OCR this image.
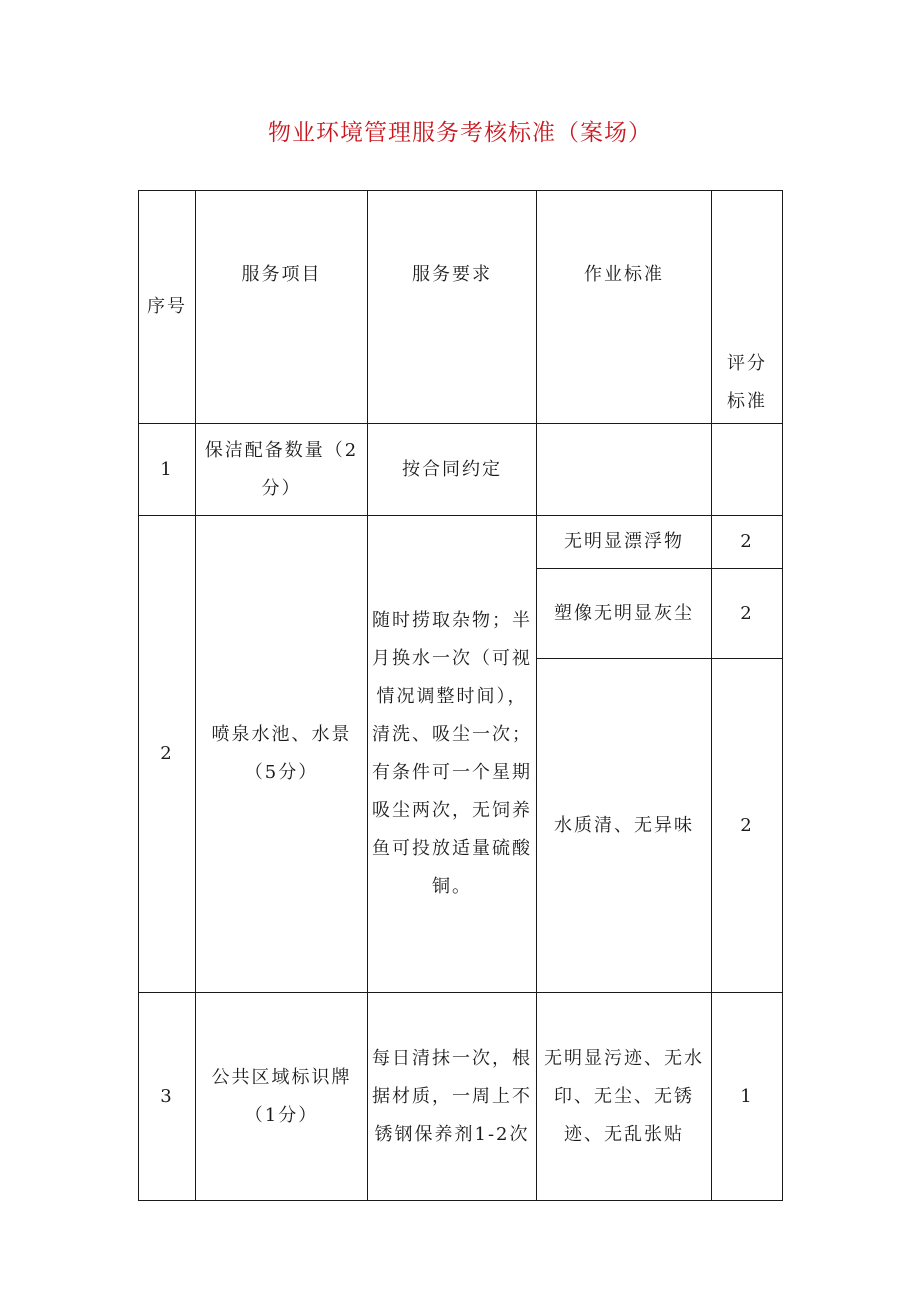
物业环境管理服务考核标准（案场）
序号	服务项目	服务要求	作业标准	评分标准
1	保洁配备数量（2分）	按合同约定		
2	喷泉水池、水景（5分）	随时捞取杂物；半月换水一次（可视情况调整时间），清洗、吸尘一次；有条件可一个星期吸尘两次，无饲养鱼可投放适量硫酸铜。	无明显漂浮物	2
			塑像无明显灰尘	2
			水质清、无异味	2
3	公共区域标识牌（1分）	每日清抹一次，根据材质，一周上不锈钢保养剂1-2次	无明显污迹、无水印、无尘、无锈迹、无乱张贴	1
